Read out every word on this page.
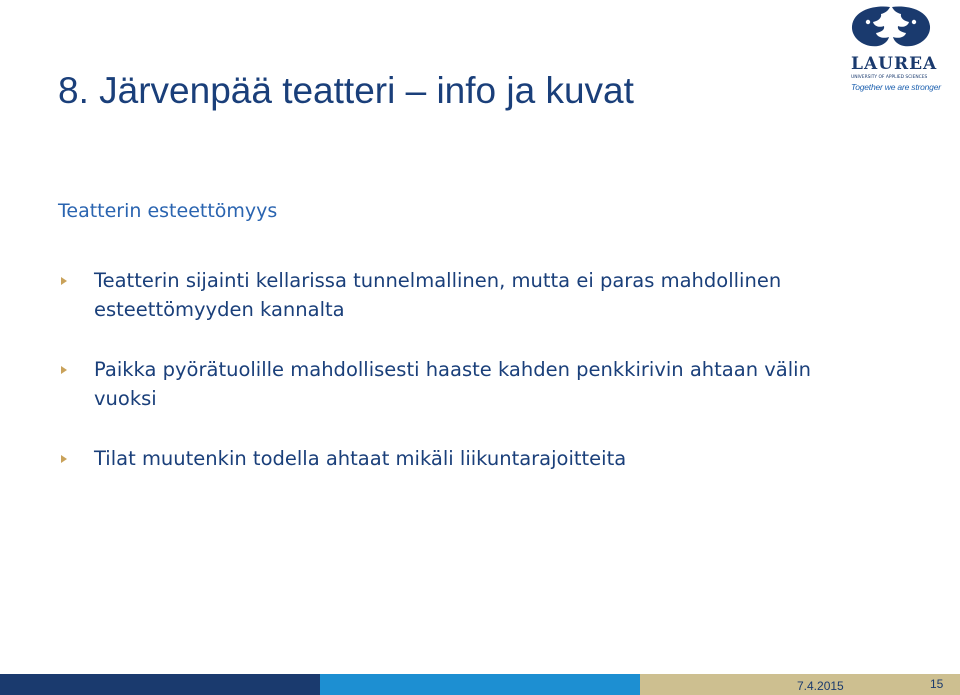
8. Järvenpää teatteri – info ja kuvat
LAUREA
UNIVERSITY OF APPLIED SCIENCES
Together we are stronger
Teatterin esteettömyys
Teatterin sijainti kellarissa tunnelmallinen, mutta ei paras mahdollinen esteettömyyden kannalta
Paikka pyörätuolille mahdollisesti haaste kahden penkkirivin ahtaan välin vuoksi
Tilat muutenkin todella ahtaat mikäli liikuntarajoitteita
7.4.2015	15
